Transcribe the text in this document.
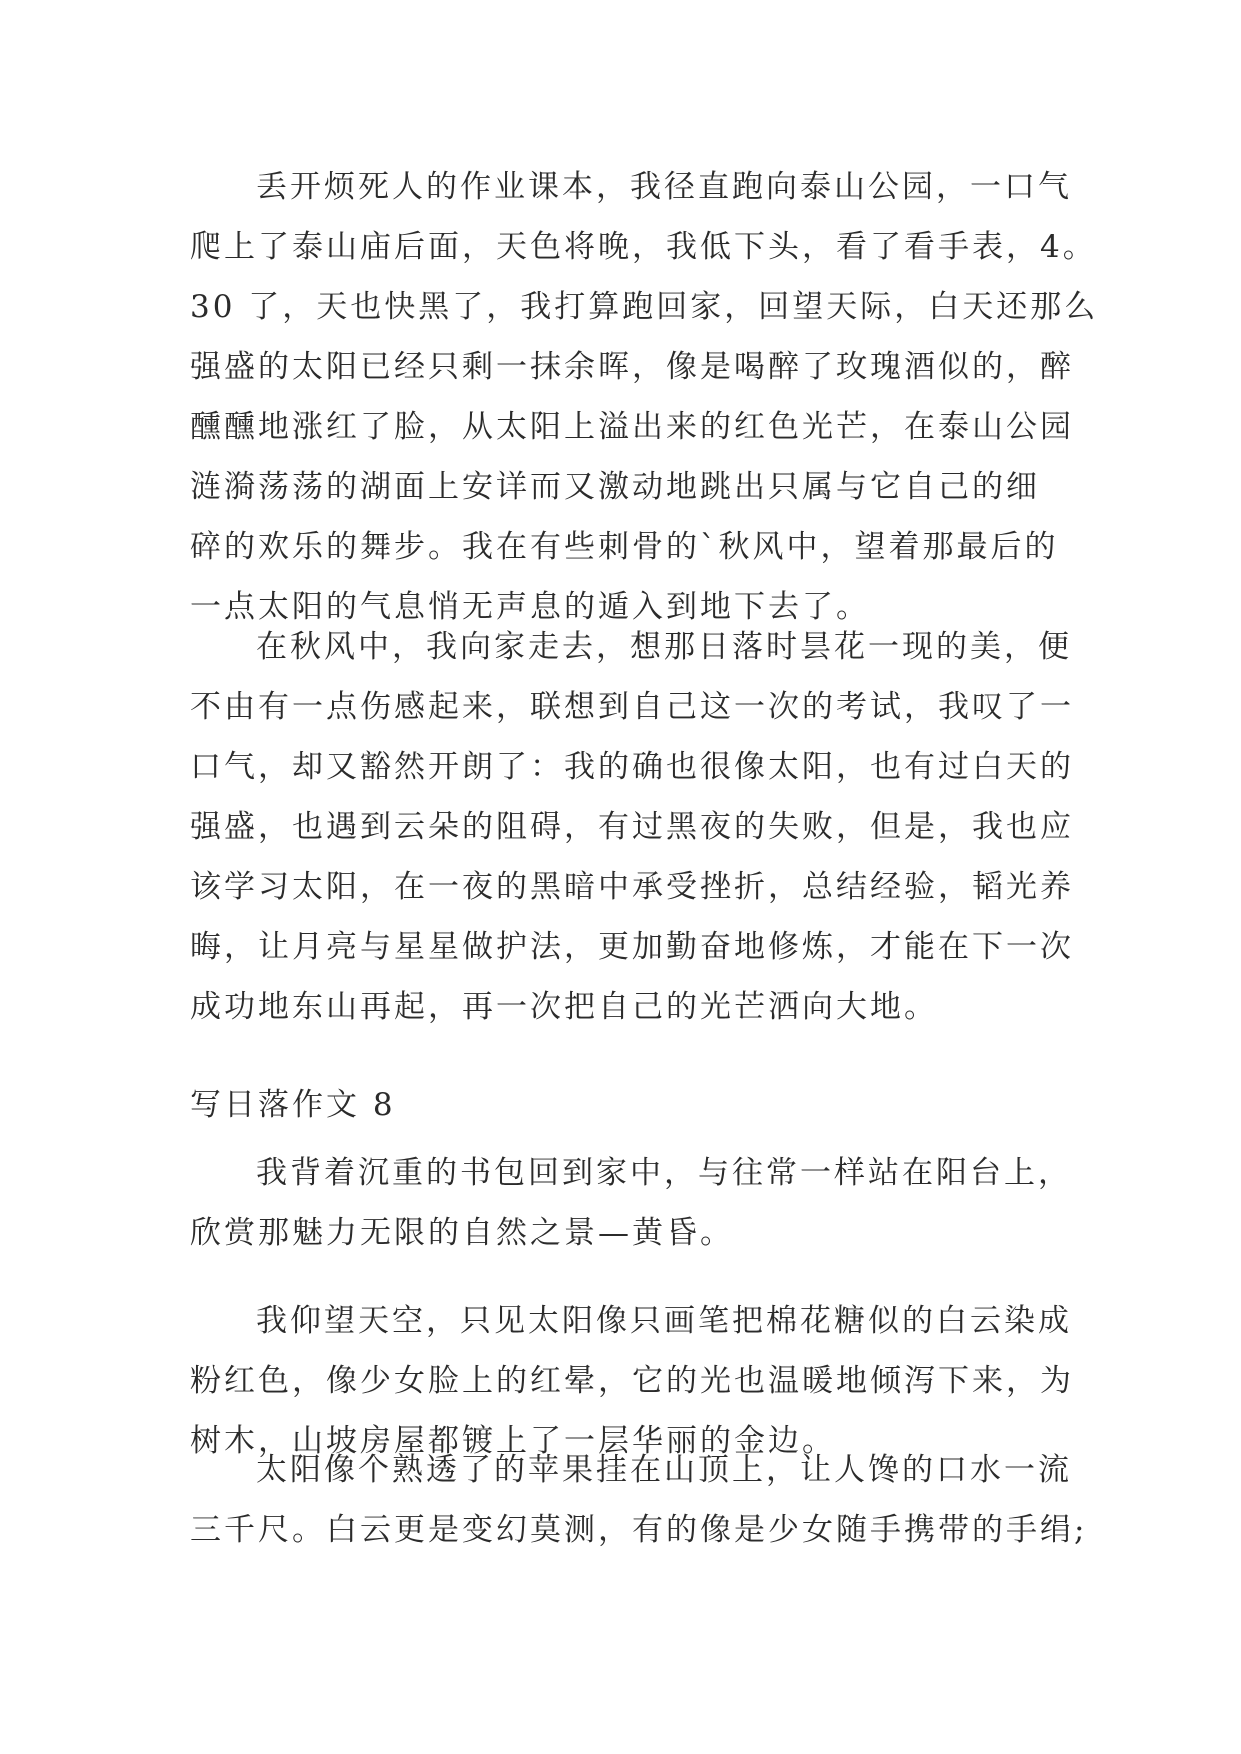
丢开烦死人的作业课本，我径直跑向泰山公园，一口气
爬上了泰山庙后面，天色将晚，我低下头，看了看手表，4。
30 了，天也快黑了，我打算跑回家，回望天际，白天还那么
强盛的太阳已经只剩一抹余晖，像是喝醉了玫瑰酒似的，醉
醺醺地涨红了脸，从太阳上溢出来的红色光芒，在泰山公园
涟漪荡荡的湖面上安详而又激动地跳出只属与它自己的细
碎的欢乐的舞步。我在有些刺骨的`秋风中，望着那最后的
一点太阳的气息悄无声息的遁入到地下去了。
在秋风中，我向家走去，想那日落时昙花一现的美，便
不由有一点伤感起来，联想到自己这一次的考试，我叹了一
口气，却又豁然开朗了：我的确也很像太阳，也有过白天的
强盛，也遇到云朵的阻碍，有过黑夜的失败，但是，我也应
该学习太阳，在一夜的黑暗中承受挫折，总结经验，韬光养
晦，让月亮与星星做护法，更加勤奋地修炼，才能在下一次
成功地东山再起，再一次把自己的光芒洒向大地。
写日落作文 8
我背着沉重的书包回到家中，与往常一样站在阳台上，
欣赏那魅力无限的自然之景—黄昏。
我仰望天空，只见太阳像只画笔把棉花糖似的白云染成
粉红色，像少女脸上的红晕，它的光也温暖地倾泻下来，为
树木，山坡房屋都镀上了一层华丽的金边。
太阳像个熟透了的苹果挂在山顶上，让人馋的口水一流
三千尺。白云更是变幻莫测，有的像是少女随手携带的手绢;
